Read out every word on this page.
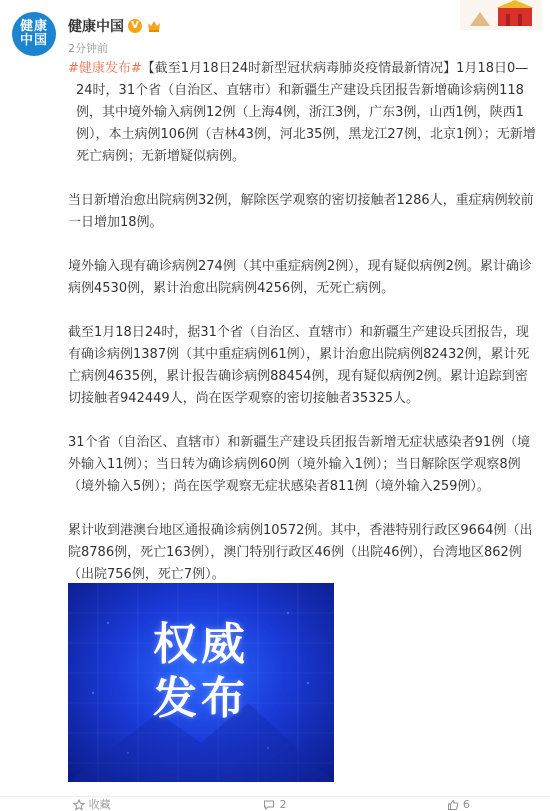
健康
中国
健康中国 V
2分钟前

#健康发布#【截至1月18日24时新型冠状病毒肺炎疫情最新情况】1月18日0—24时，31个省（自治区、直辖市）和新疆生产建设兵团报告新增确诊病例118例，其中境外输入病例12例（上海4例，浙江3例，广东3例，山西1例，陕西1例），本土病例106例（吉林43例，河北35例，黑龙江27例，北京1例）；无新增死亡病例；无新增疑似病例。

当日新增治愈出院病例32例，解除医学观察的密切接触者1286人，重症病例较前一日增加18例。

境外输入现有确诊病例274例（其中重症病例2例），现有疑似病例2例。累计确诊病例4530例，累计治愈出院病例4256例，无死亡病例。

截至1月18日24时，据31个省（自治区、直辖市）和新疆生产建设兵团报告，现有确诊病例1387例（其中重症病例61例），累计治愈出院病例82432例，累计死亡病例4635例，累计报告确诊病例88454例，现有疑似病例2例。累计追踪到密切接触者942449人，尚在医学观察的密切接触者35325人。

31个省（自治区、直辖市）和新疆生产建设兵团报告新增无症状感染者91例（境外输入11例）；当日转为确诊病例60例（境外输入1例）；当日解除医学观察8例（境外输入5例）；尚在医学观察无症状感染者811例（境外输入259例）。

累计收到港澳台地区通报确诊病例10572例。其中，香港特别行政区9664例（出院8786例，死亡163例），澳门特别行政区46例（出院46例），台湾地区862例（出院756例，死亡7例）。

权威
发布
收藏	2	6
